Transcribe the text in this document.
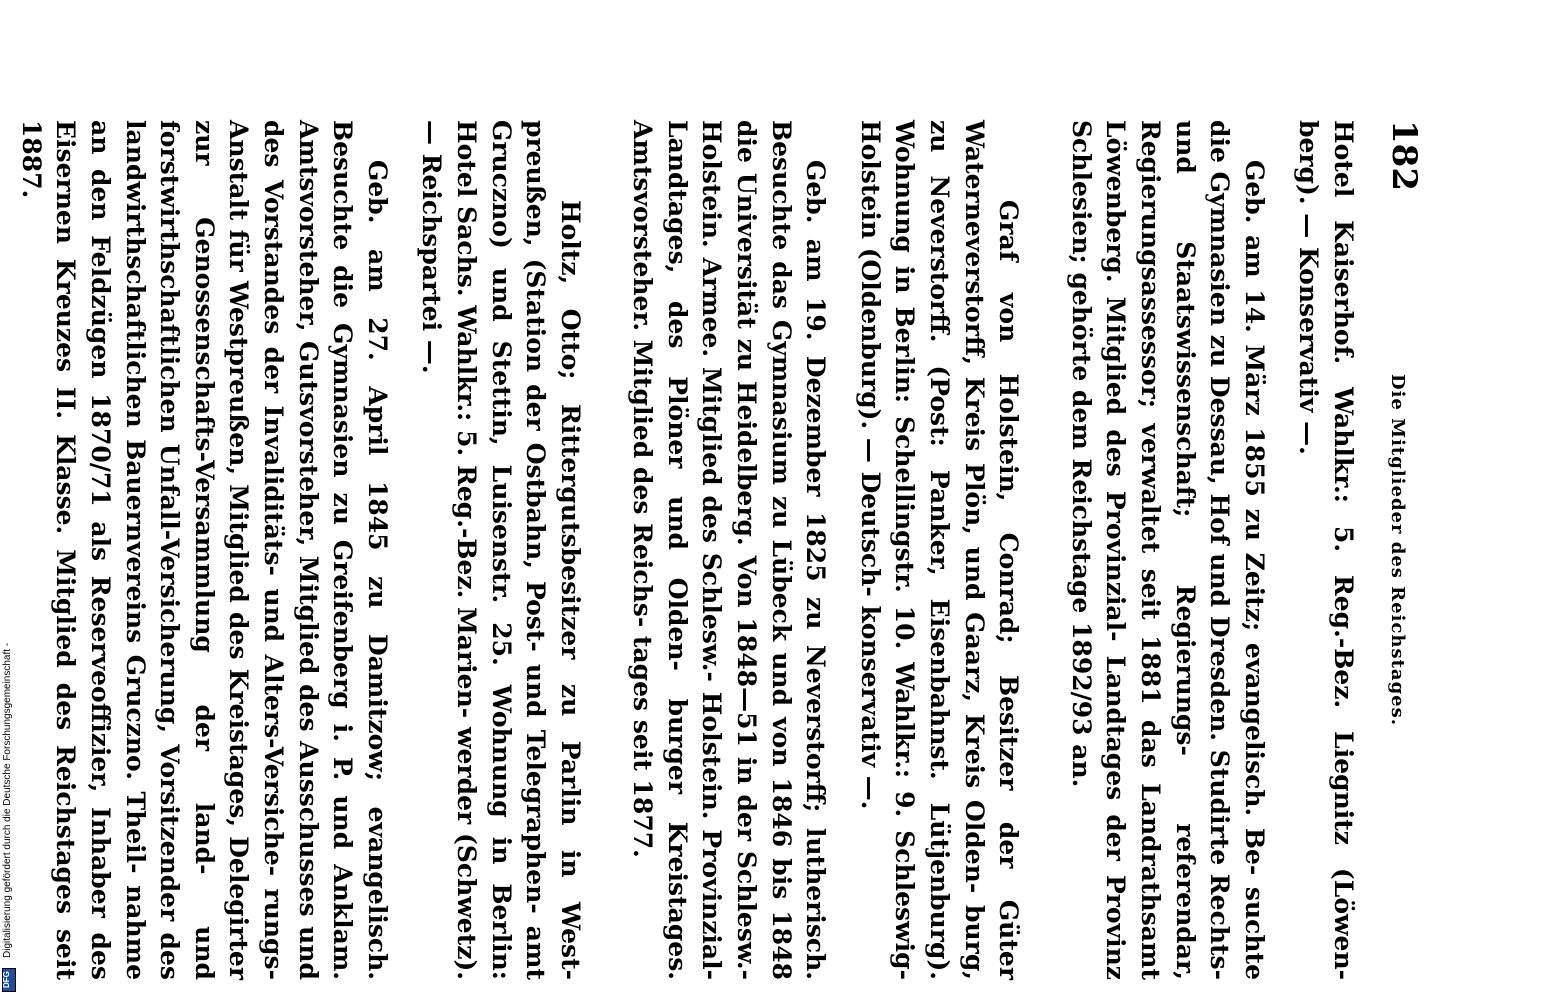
182
Die Mitglieder des Reichstages.

Hotel Kaiserhof. Wahlkr.: 5. Reg.-Bez. Liegnitz (Löwen- berg). — Konservativ —.

Geb. am 14. März 1855 zu Zeitz; evangelisch. Be- suchte die Gymnasien zu Dessau, Hof und Dresden. Studirte Rechts- und Staatswissenschaft; Regierungs- referendar, Regierungsassessor; verwaltet seit 1881 das Landrathsamt Löwenberg. Mitglied des Provinzial- Landtages der Provinz Schlesien; gehörte dem Reichstage 1892/93 an.

Graf von Holstein, Conrad; Besitzer der Güter Waterneverstorff, Kreis Plön, und Gaarz, Kreis Olden- burg, zu Neverstorff. (Post: Panker, Eisenbahnst. Lütjenburg). Wohnung in Berlin: Schellingstr. 10. Wahlkr.: 9. Schleswig-Holstein (Oldenburg). — Deutsch- konservativ —.

Geb. am 19. Dezember 1825 zu Neverstorff; lutherisch. Besuchte das Gymnasium zu Lübeck und von 1846 bis 1848 die Universität zu Heidelberg. Von 1848—51 in der Schlesw.-Holstein. Armee. Mitglied des Schlesw.- Holstein. Provinzial-Landtages, des Plöner und Olden- burger Kreistages. Amtsvorsteher. Mitglied des Reichs- tages seit 1877.

Holtz, Otto; Rittergutsbesitzer zu Parlin in West- preußen, (Station der Ostbahn, Post- und Telegraphen- amt Gruczno) und Stettin, Luisenstr. 25. Wohnung in Berlin: Hotel Sachs. Wahlkr.: 5. Reg.-Bez. Marien- werder (Schwetz). — Reichspartei —.

Geb. am 27. April 1845 zu Damitzow; evangelisch. Besuchte die Gymnasien zu Greifenberg i. P. und Anklam. Amtsvorsteher, Gutsvorsteher, Mitglied des Ausschusses und des Vorstandes der Invaliditäts- und Alters-Versiche- rungs-Anstalt für Westpreußen, Mitglied des Kreistages, Delegirter zur Genossenschafts-Versammlung der land- und forstwirthschaftlichen Unfall-Versicherung, Vorsitzender des landwirthschaftlichen Bauernvereins Gruczno. Theil- nahme an den Feldzügen 1870/71 als Reserveoffizier, Inhaber des Eisernen Kreuzes II. Klasse. Mitglied des Reichstages seit 1887.

Digitalisierung gefördert durch die Deutsche Forschungsgemeinschaft -
DFG
